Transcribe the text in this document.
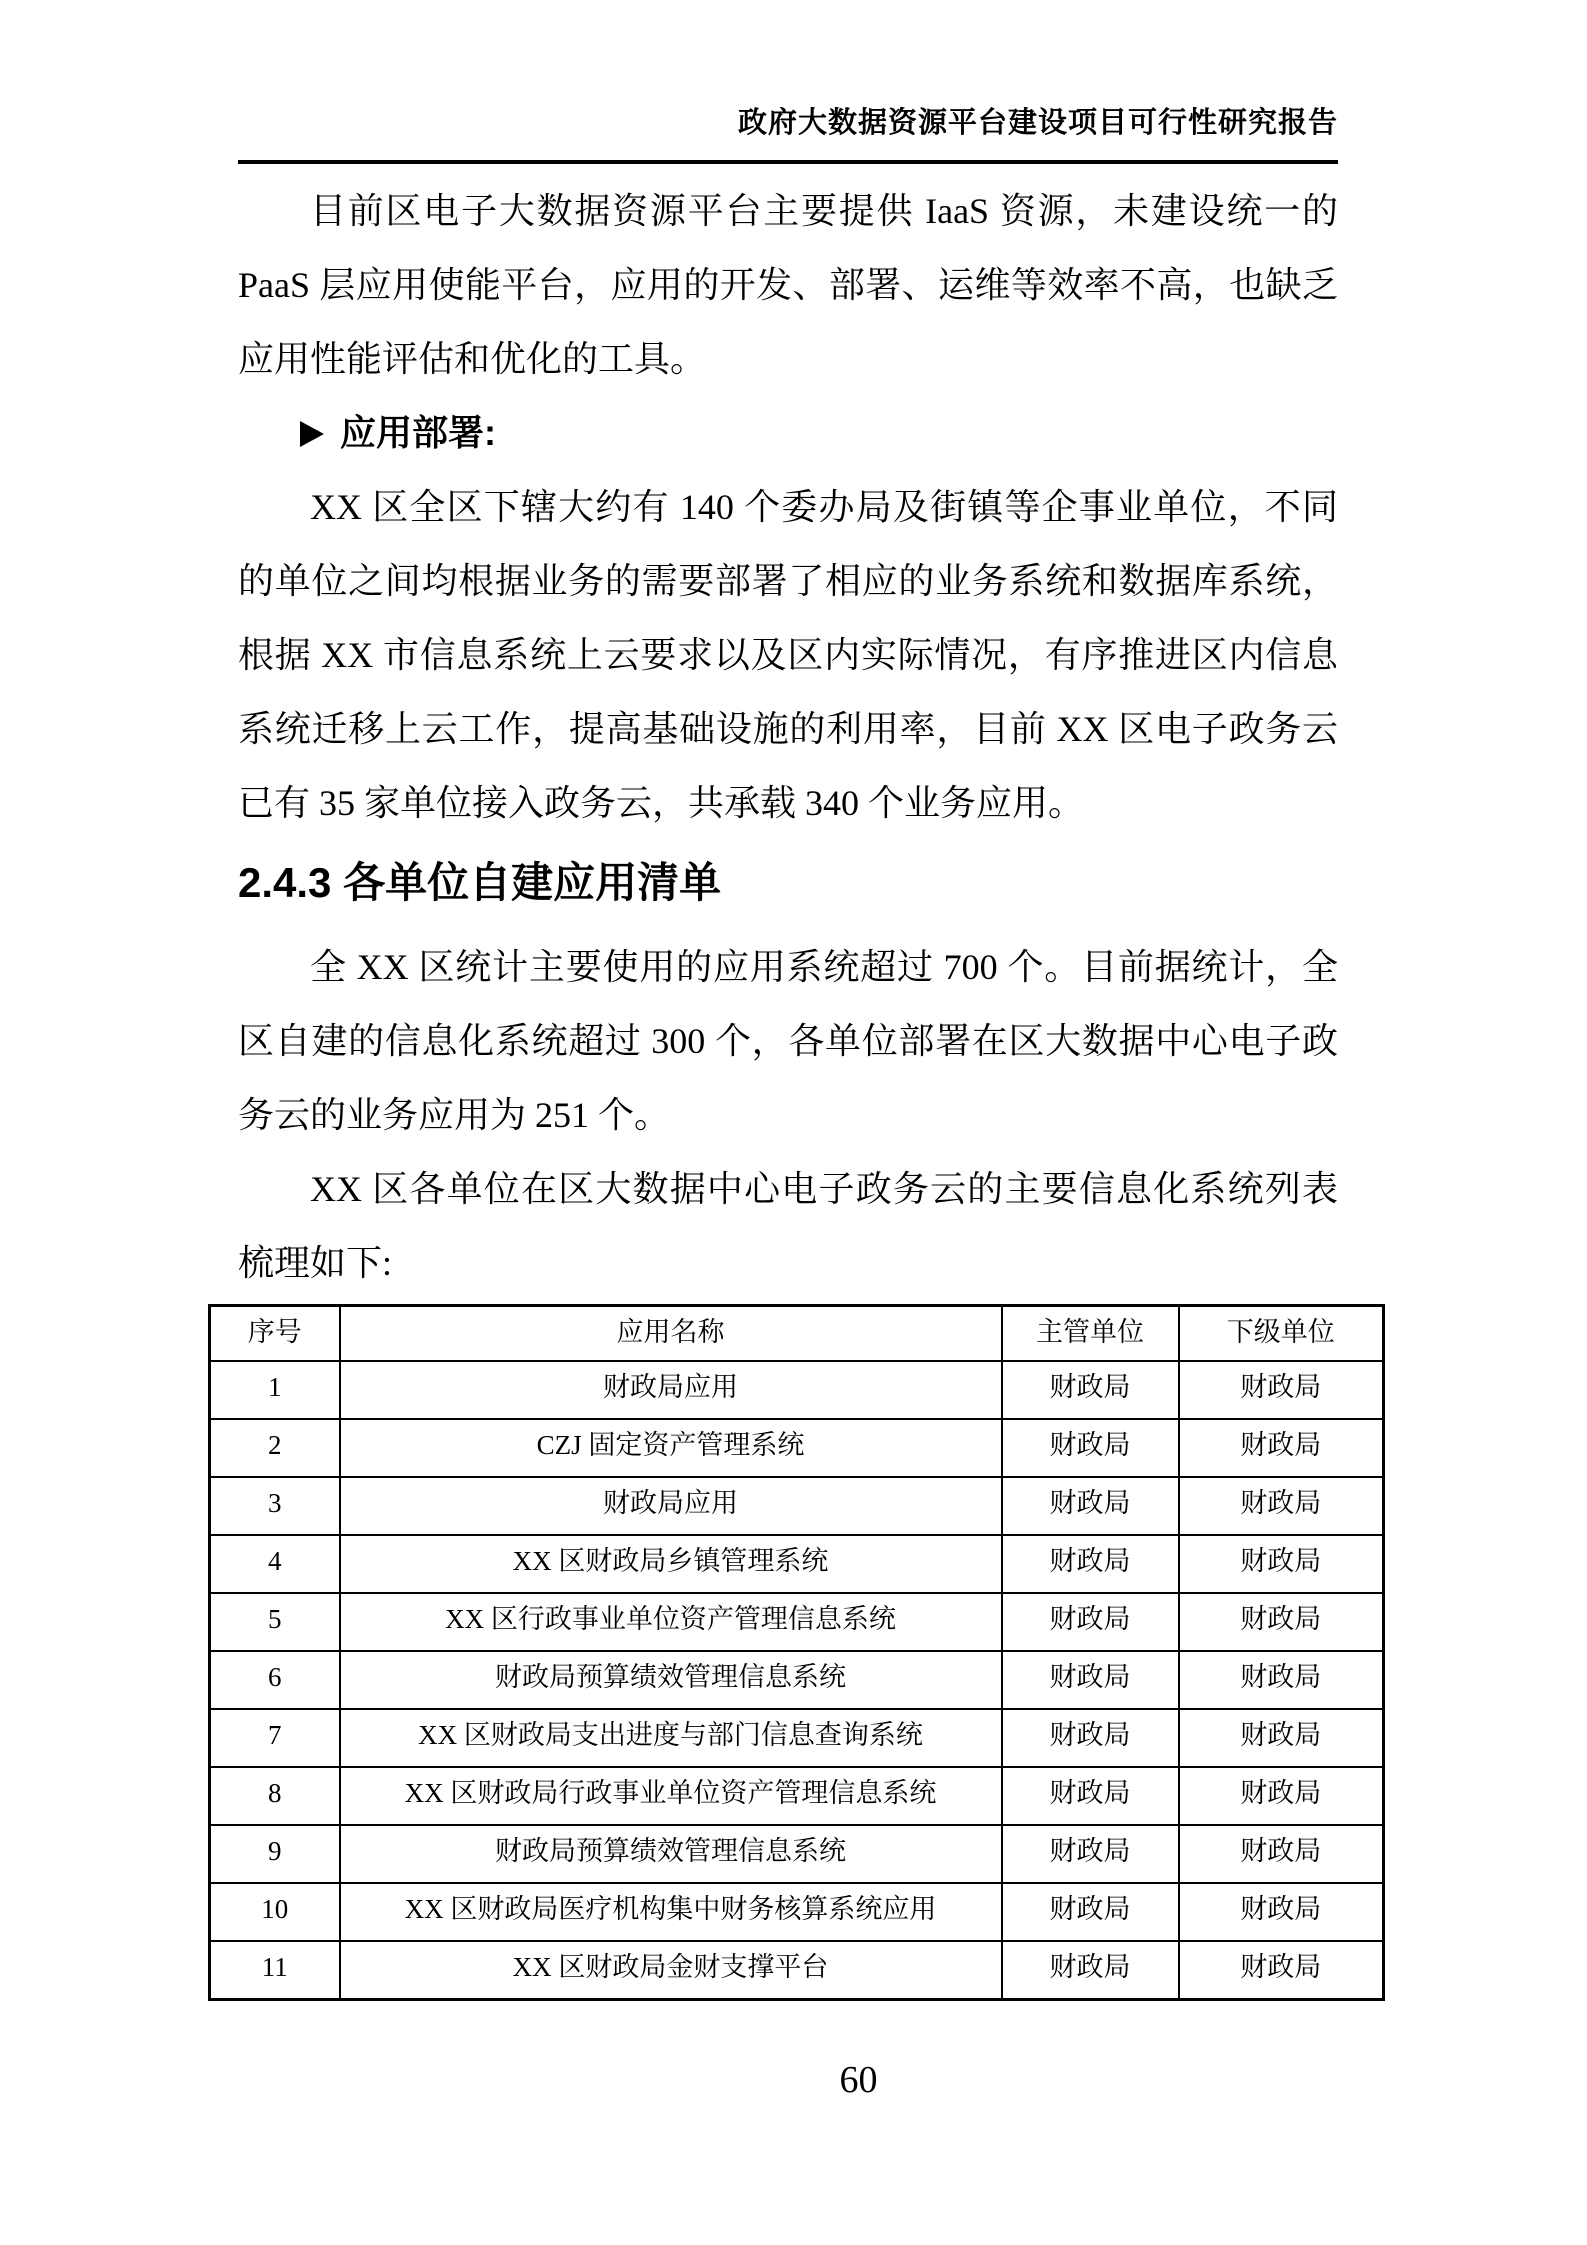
政府大数据资源平台建设项目可行性研究报告

目前区电子大数据资源平台主要提供 IaaS 资源，未建设统一的 PaaS 层应用使能平台，应用的开发、部署、运维等效率不高，也缺乏应用性能评估和优化的工具。

应用部署:

XX 区全区下辖大约有 140 个委办局及街镇等企事业单位，不同的单位之间均根据业务的需要部署了相应的业务系统和数据库系统，根据 XX 市信息系统上云要求以及区内实际情况，有序推进区内信息系统迁移上云工作，提高基础设施的利用率，目前 XX 区电子政务云已有 35 家单位接入政务云，共承载 340 个业务应用。

2.4.3 各单位自建应用清单

全 XX 区统计主要使用的应用系统超过 700 个。目前据统计，全区自建的信息化系统超过 300 个，各单位部署在区大数据中心电子政务云的业务应用为 251 个。

XX 区各单位在区大数据中心电子政务云的主要信息化系统列表梳理如下:

序号	应用名称	主管单位	下级单位
1	财政局应用	财政局	财政局
2	CZJ 固定资产管理系统	财政局	财政局
3	财政局应用	财政局	财政局
4	XX 区财政局乡镇管理系统	财政局	财政局
5	XX 区行政事业单位资产管理信息系统	财政局	财政局
6	财政局预算绩效管理信息系统	财政局	财政局
7	XX 区财政局支出进度与部门信息查询系统	财政局	财政局
8	XX 区财政局行政事业单位资产管理信息系统	财政局	财政局
9	财政局预算绩效管理信息系统	财政局	财政局
10	XX 区财政局医疗机构集中财务核算系统应用	财政局	财政局
11	XX 区财政局金财支撑平台	财政局	财政局
60
